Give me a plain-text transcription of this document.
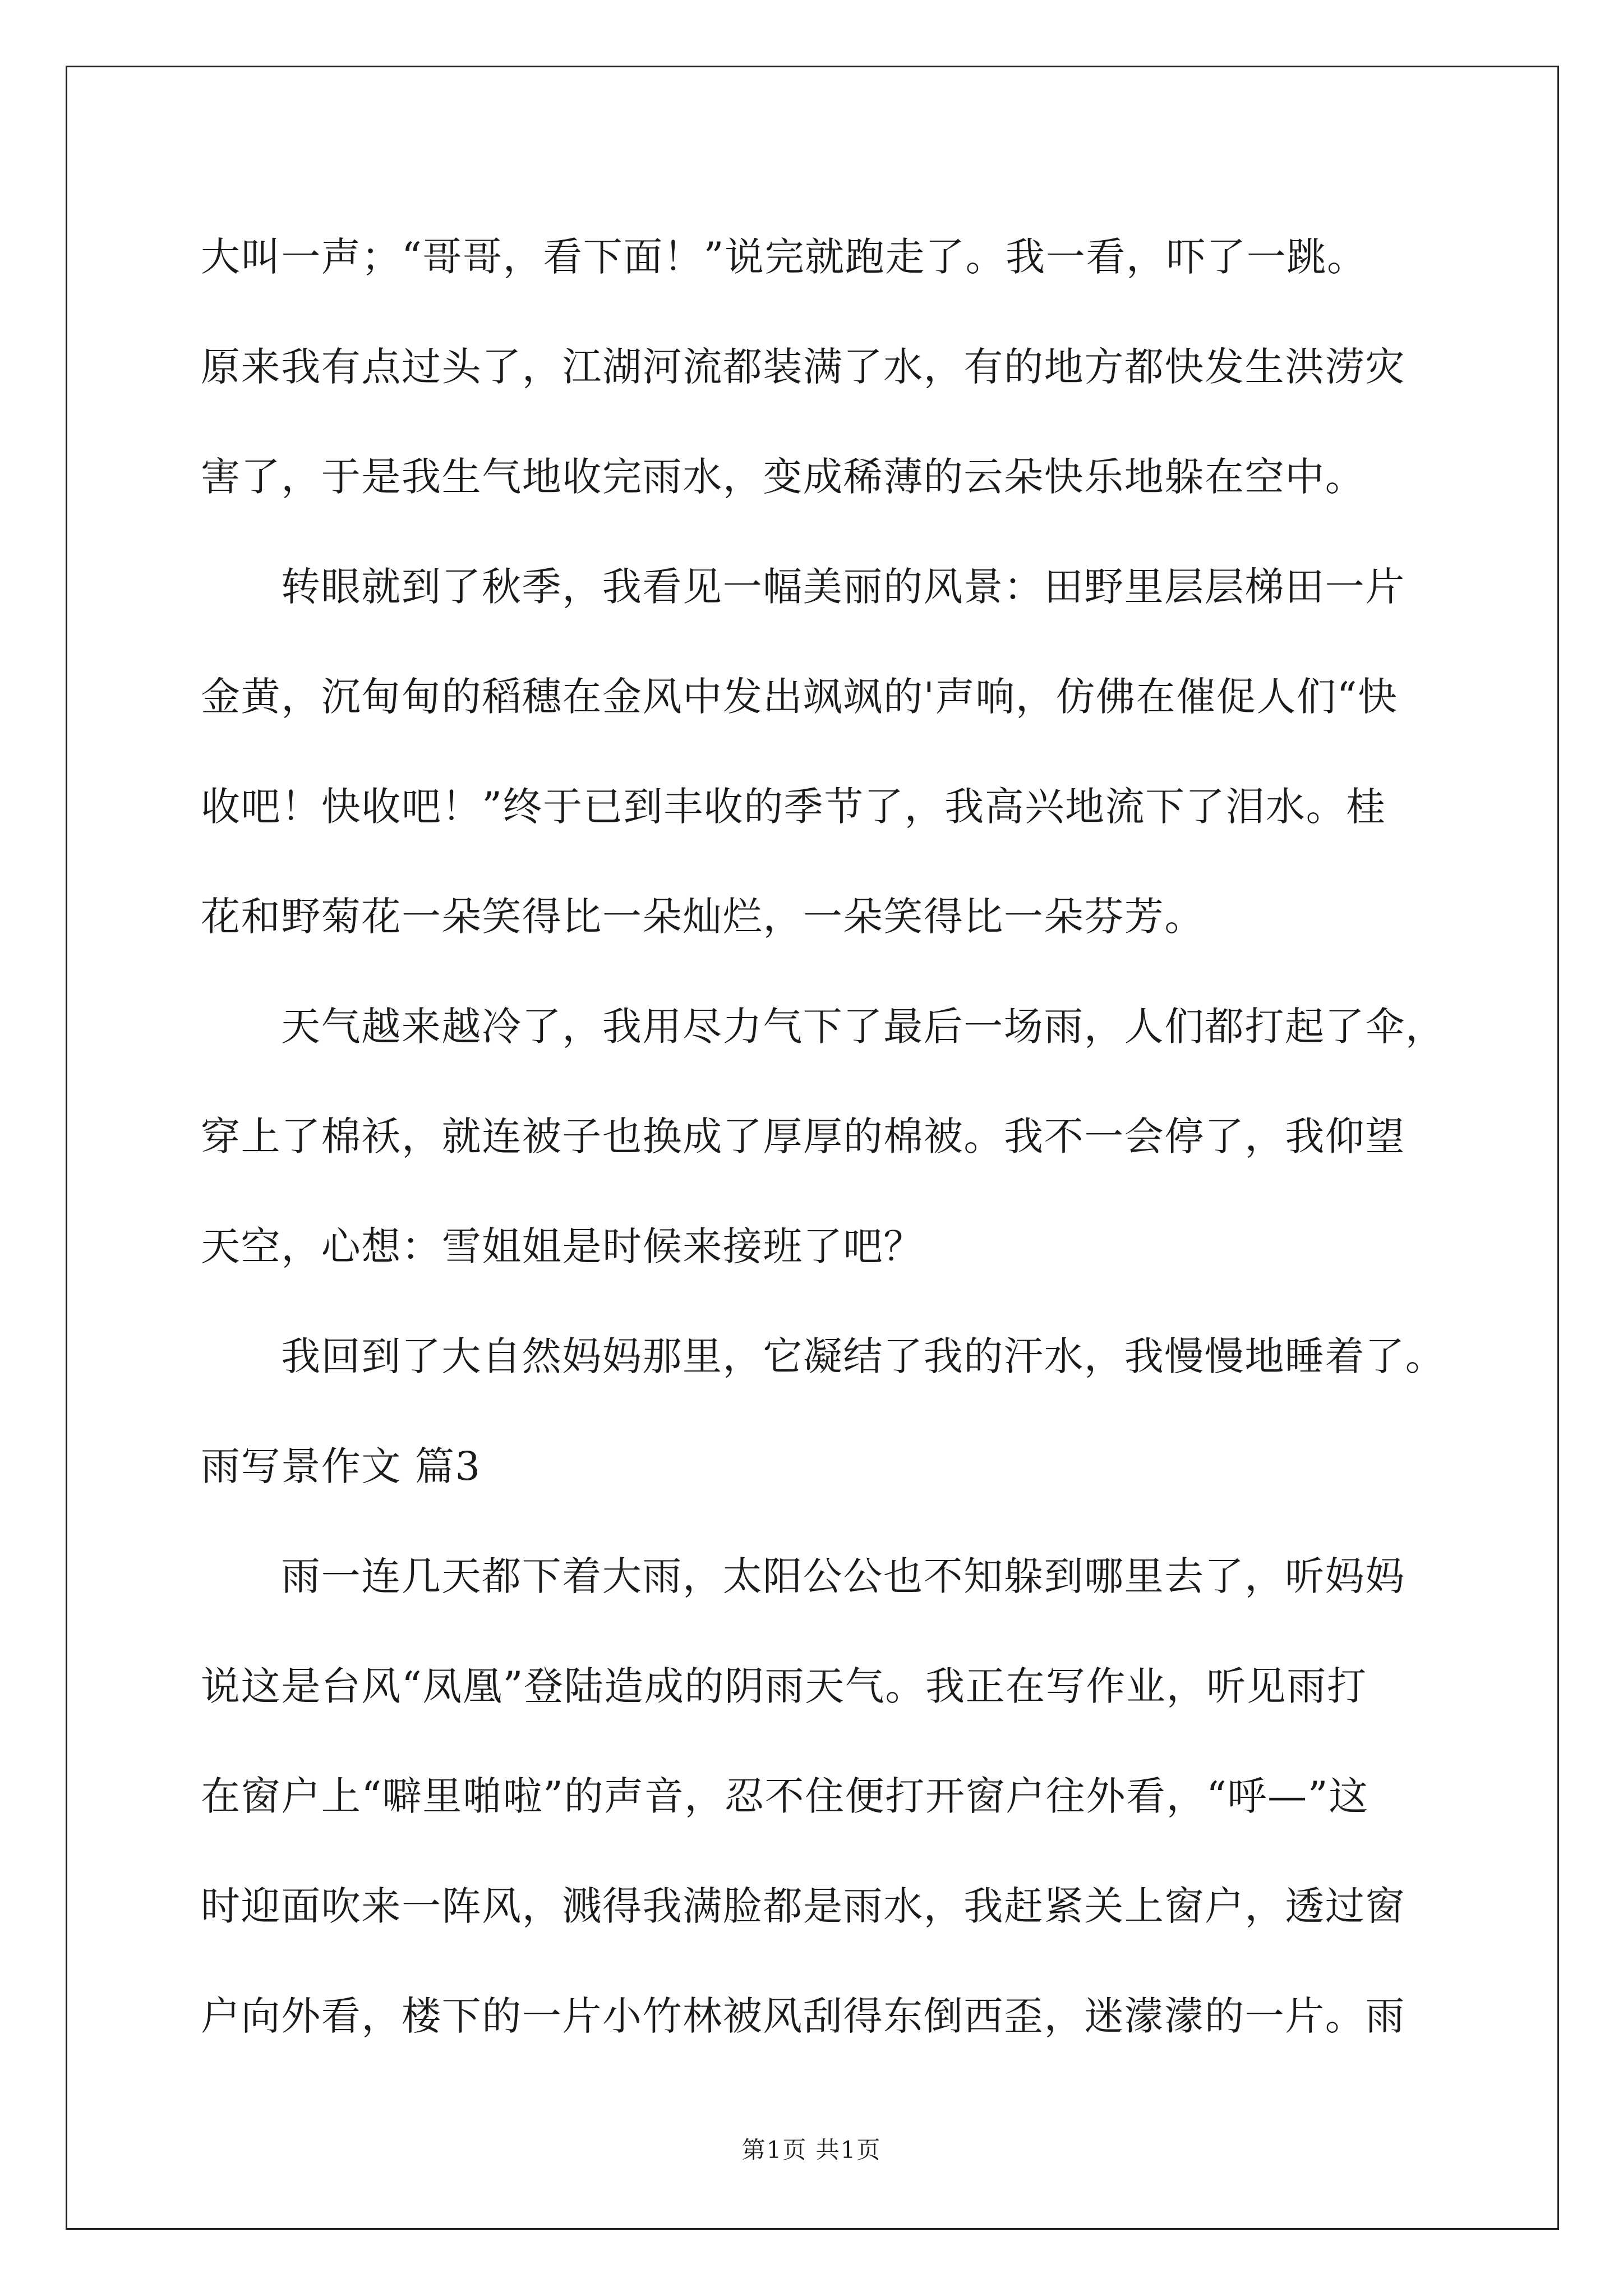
大叫一声；“哥哥，看下面！”说完就跑走了。我一看，吓了一跳。
原来我有点过头了，江湖河流都装满了水，有的地方都快发生洪涝灾
害了，于是我生气地收完雨水，变成稀薄的云朵快乐地躲在空中。
转眼就到了秋季，我看见一幅美丽的风景：田野里层层梯田一片
金黄，沉甸甸的稻穗在金风中发出飒飒的'声响，仿佛在催促人们“快
收吧！快收吧！”终于已到丰收的季节了，我高兴地流下了泪水。桂
花和野菊花一朵笑得比一朵灿烂，一朵笑得比一朵芬芳。
天气越来越冷了，我用尽力气下了最后一场雨，人们都打起了伞，
穿上了棉袄，就连被子也换成了厚厚的棉被。我不一会停了，我仰望
天空，心想：雪姐姐是时候来接班了吧？
我回到了大自然妈妈那里，它凝结了我的汗水，我慢慢地睡着了。
雨写景作文 篇3
雨一连几天都下着大雨，太阳公公也不知躲到哪里去了，听妈妈
说这是台风“凤凰”登陆造成的阴雨天气。我正在写作业，听见雨打
在窗户上“噼里啪啦”的声音，忍不住便打开窗户往外看，“呼—”这
时迎面吹来一阵风，溅得我满脸都是雨水，我赶紧关上窗户，透过窗
户向外看，楼下的一片小竹林被风刮得东倒西歪，迷濛濛的一片。雨
第1页 共1页
